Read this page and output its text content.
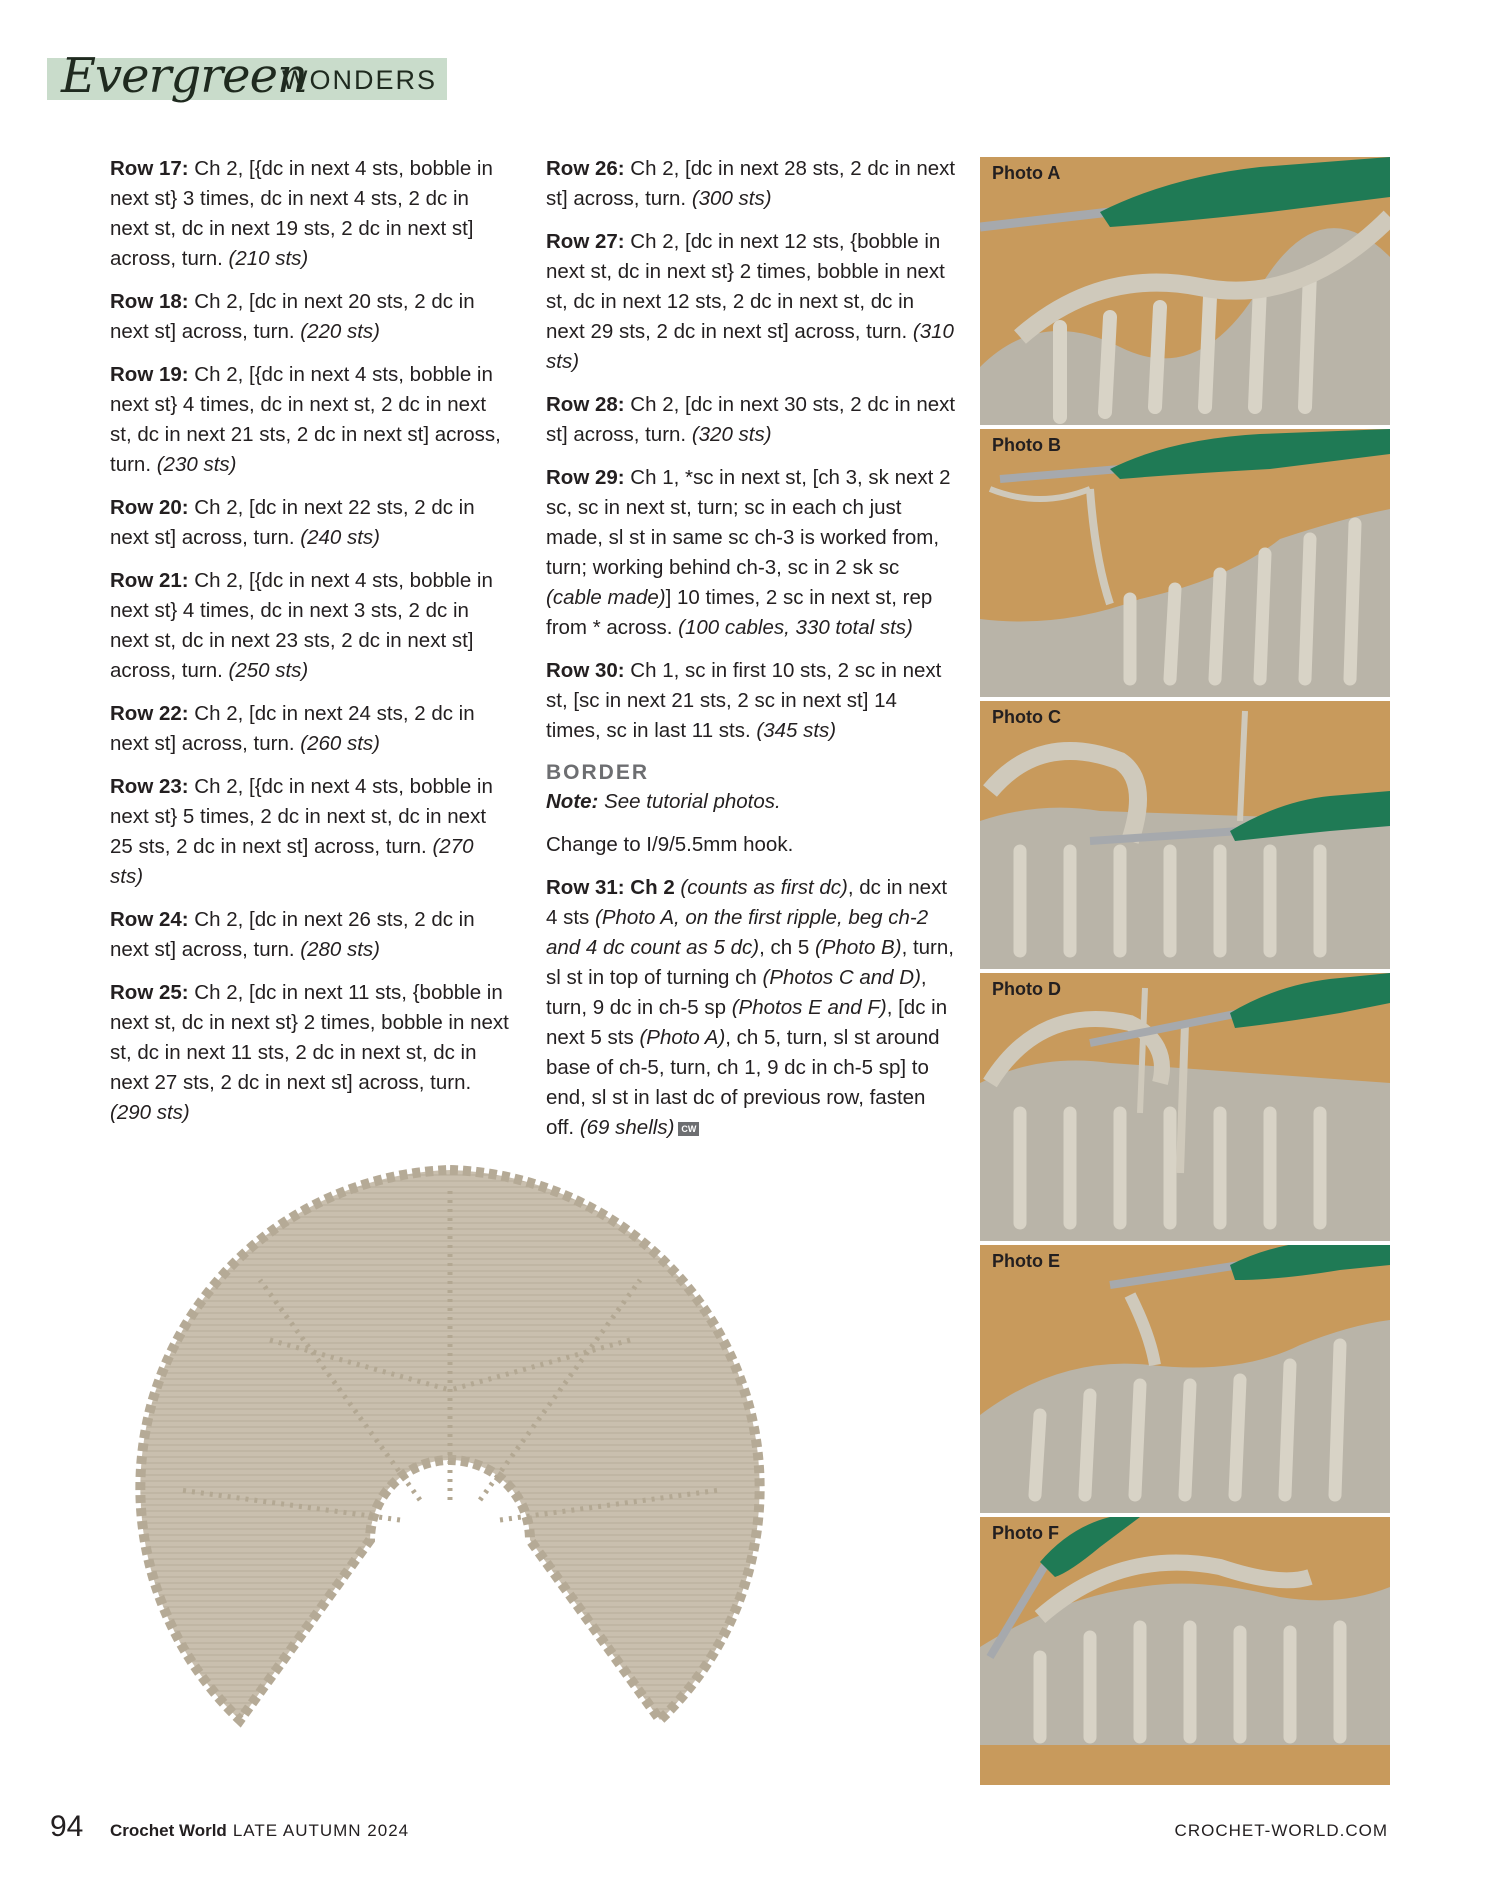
Evergreen
WONDERS

Row 17: Ch 2, [{dc in next 4 sts, bobble in next st} 3 times, dc in next 4 sts, 2 dc in next st, dc in next 19 sts, 2 dc in next st] across, turn. (210 sts)

Row 18: Ch 2, [dc in next 20 sts, 2 dc in next st] across, turn. (220 sts)

Row 19: Ch 2, [{dc in next 4 sts, bobble in next st} 4 times, dc in next st, 2 dc in next st, dc in next 21 sts, 2 dc in next st] across, turn. (230 sts)

Row 20: Ch 2, [dc in next 22 sts, 2 dc in next st] across, turn. (240 sts)

Row 21: Ch 2, [{dc in next 4 sts, bobble in next st} 4 times, dc in next 3 sts, 2 dc in next st, dc in next 23 sts, 2 dc in next st] across, turn. (250 sts)

Row 22: Ch 2, [dc in next 24 sts, 2 dc in next st] across, turn. (260 sts)

Row 23: Ch 2, [{dc in next 4 sts, bobble in next st} 5 times, 2 dc in next st, dc in next 25 sts, 2 dc in next st] across, turn. (270 sts)

Row 24: Ch 2, [dc in next 26 sts, 2 dc in next st] across, turn. (280 sts)

Row 25: Ch 2, [dc in next 11 sts, {bobble in next st, dc in next st} 2 times, bobble in next st, dc in next 11 sts, 2 dc in next st, dc in next 27 sts, 2 dc in next st] across, turn. (290 sts)

Row 26: Ch 2, [dc in next 28 sts, 2 dc in next st] across, turn. (300 sts)

Row 27: Ch 2, [dc in next 12 sts, {bobble in next st, dc in next st} 2 times, bobble in next st, dc in next 12 sts, 2 dc in next st, dc in next 29 sts, 2 dc in next st] across, turn. (310 sts)

Row 28: Ch 2, [dc in next 30 sts, 2 dc in next st] across, turn. (320 sts)

Row 29: Ch 1, *sc in next st, [ch 3, sk next 2 sc, sc in next st, turn; sc in each ch just made, sl st in same sc ch-3 is worked from, turn; working behind ch-3, sc in 2 sk sc (cable made)] 10 times, 2 sc in next st, rep from * across. (100 cables, 330 total sts)

Row 30: Ch 1, sc in first 10 sts, 2 sc in next st, [sc in next 21 sts, 2 sc in next st] 14 times, sc in last 11 sts. (345 sts)

BORDER

Note: See tutorial photos.

Change to I/9/5.5mm hook.

Row 31: Ch 2 (counts as first dc), dc in next 4 sts (Photo A, on the first ripple, beg ch-2 and 4 dc count as 5 dc), ch 5 (Photo B), turn, sl st in top of turning ch (Photos C and D), turn, 9 dc in ch-5 sp (Photos E and F), [dc in next 5 sts (Photo A), ch 5, turn, sl st around base of ch-5, turn, ch 1, 9 dc in ch-5 sp] to end, sl st in last dc of previous row, fasten off. (69 shells) CW

Photo A
Photo B
Photo C
Photo D
Photo E
Photo F
94 Crochet World LATE AUTUMN 2024	CROCHET-WORLD.COM
